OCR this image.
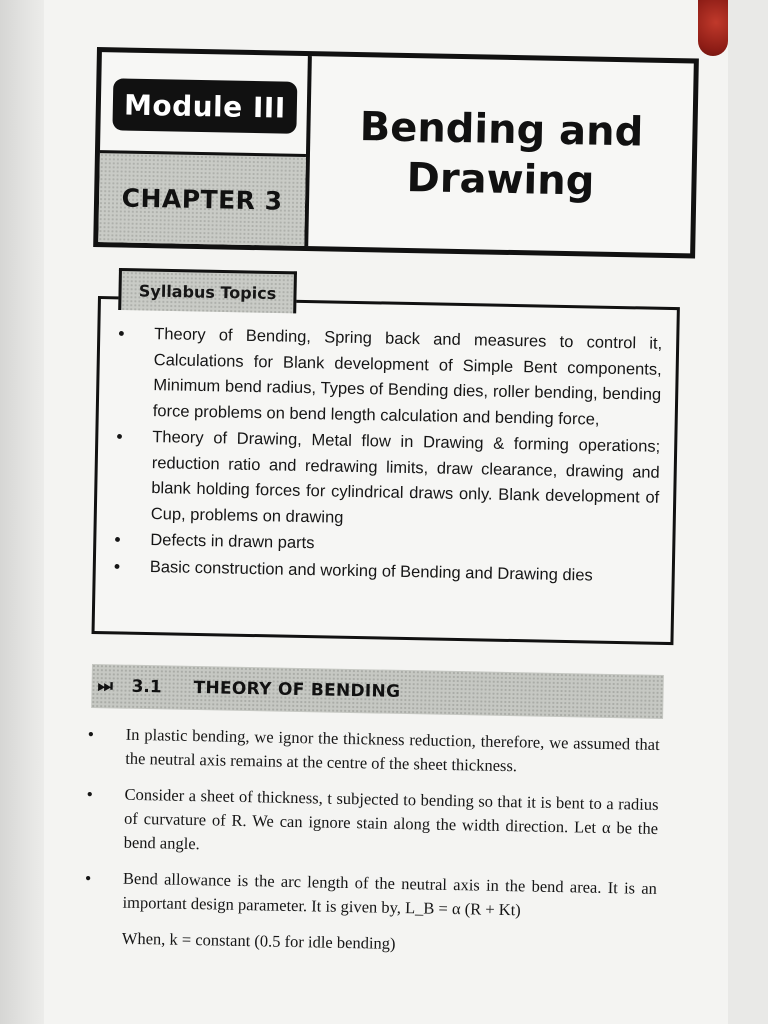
Module III
CHAPTER 3
Bending and
Drawing
Syllabus Topics
•	Theory of Bending, Spring back and measures to control it, Calculations for Blank development of Simple Bent components, Minimum bend radius, Types of Bending dies, roller bending, bending force problems on bend length calculation and bending force,
•	Theory of Drawing, Metal flow in Drawing & forming operations; reduction ratio and redrawing limits, draw clearance, drawing and blank holding forces for cylindrical draws only. Blank development of Cup, problems on drawing
•	Defects in drawn parts
•	Basic construction and working of Bending and Drawing dies
⏭	3.1	THEORY OF BENDING
•	In plastic bending, we ignor the thickness reduction, therefore, we assumed that the neutral axis remains at the centre of the sheet thickness.
•	Consider a sheet of thickness, t subjected to bending so that it is bent to a radius of curvature of R. We can ignore stain along the width direction. Let α be the bend angle.
•	Bend allowance is the arc length of the neutral axis in the bend area. It is an important design parameter. It is given by, L_B = α (R + Kt)
When, k = constant (0.5 for idle bending)
